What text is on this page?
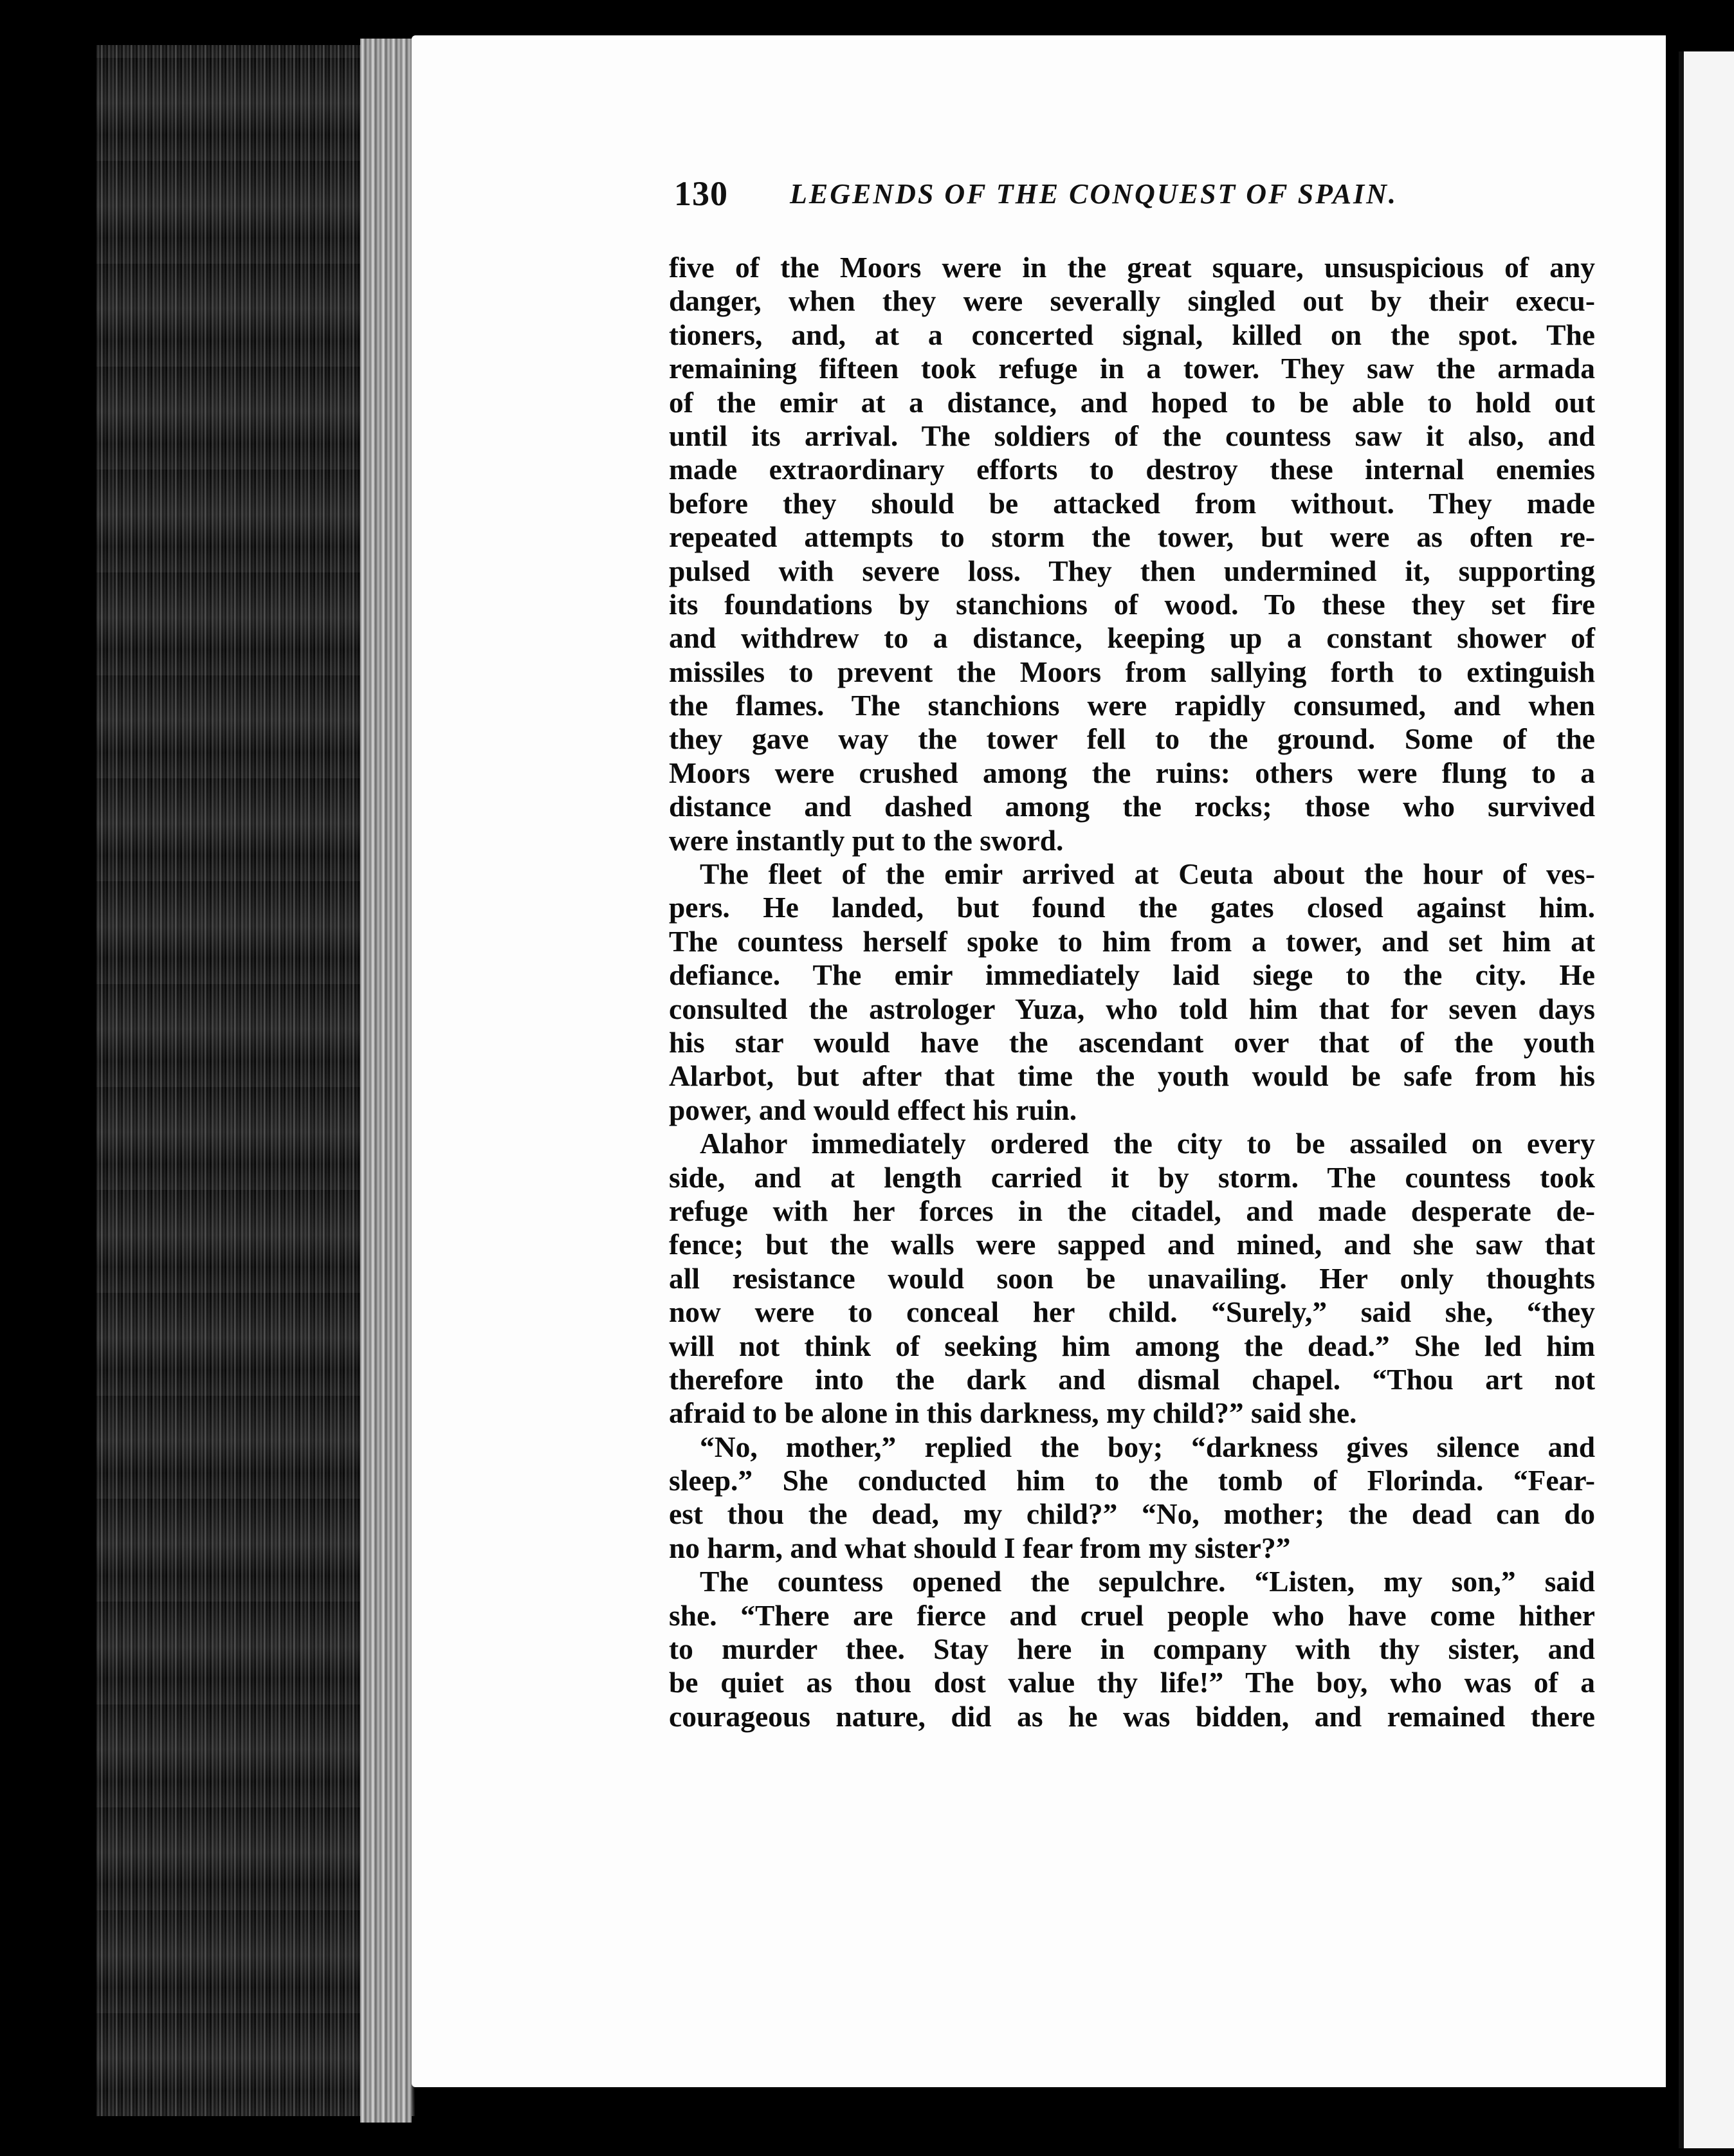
130 LEGENDS OF THE CONQUEST OF SPAIN.
five of the Moors were in the great square, unsuspicious of any
danger, when they were severally singled out by their execu-
tioners, and, at a concerted signal, killed on the spot. The
remaining fifteen took refuge in a tower. They saw the armada
of the emir at a distance, and hoped to be able to hold out
until its arrival. The soldiers of the countess saw it also, and
made extraordinary efforts to destroy these internal enemies
before they should be attacked from without. They made
repeated attempts to storm the tower, but were as often re-
pulsed with severe loss. They then undermined it, supporting
its foundations by stanchions of wood. To these they set fire
and withdrew to a distance, keeping up a constant shower of
missiles to prevent the Moors from sallying forth to extinguish
the flames. The stanchions were rapidly consumed, and when
they gave way the tower fell to the ground. Some of the
Moors were crushed among the ruins: others were flung to a
distance and dashed among the rocks; those who survived
were instantly put to the sword.
The fleet of the emir arrived at Ceuta about the hour of ves-
pers. He landed, but found the gates closed against him.
The countess herself spoke to him from a tower, and set him at
defiance. The emir immediately laid siege to the city. He
consulted the astrologer Yuza, who told him that for seven days
his star would have the ascendant over that of the youth
Alarbot, but after that time the youth would be safe from his
power, and would effect his ruin.
Alahor immediately ordered the city to be assailed on every
side, and at length carried it by storm. The countess took
refuge with her forces in the citadel, and made desperate de-
fence; but the walls were sapped and mined, and she saw that
all resistance would soon be unavailing. Her only thoughts
now were to conceal her child. “Surely,” said she, “they
will not think of seeking him among the dead.” She led him
therefore into the dark and dismal chapel. “Thou art not
afraid to be alone in this darkness, my child?” said she.
“No, mother,” replied the boy; “darkness gives silence and
sleep.” She conducted him to the tomb of Florinda. “Fear-
est thou the dead, my child?” “No, mother; the dead can do
no harm, and what should I fear from my sister?”
The countess opened the sepulchre. “Listen, my son,” said
she. “There are fierce and cruel people who have come hither
to murder thee. Stay here in company with thy sister, and
be quiet as thou dost value thy life!” The boy, who was of a
courageous nature, did as he was bidden, and remained there
